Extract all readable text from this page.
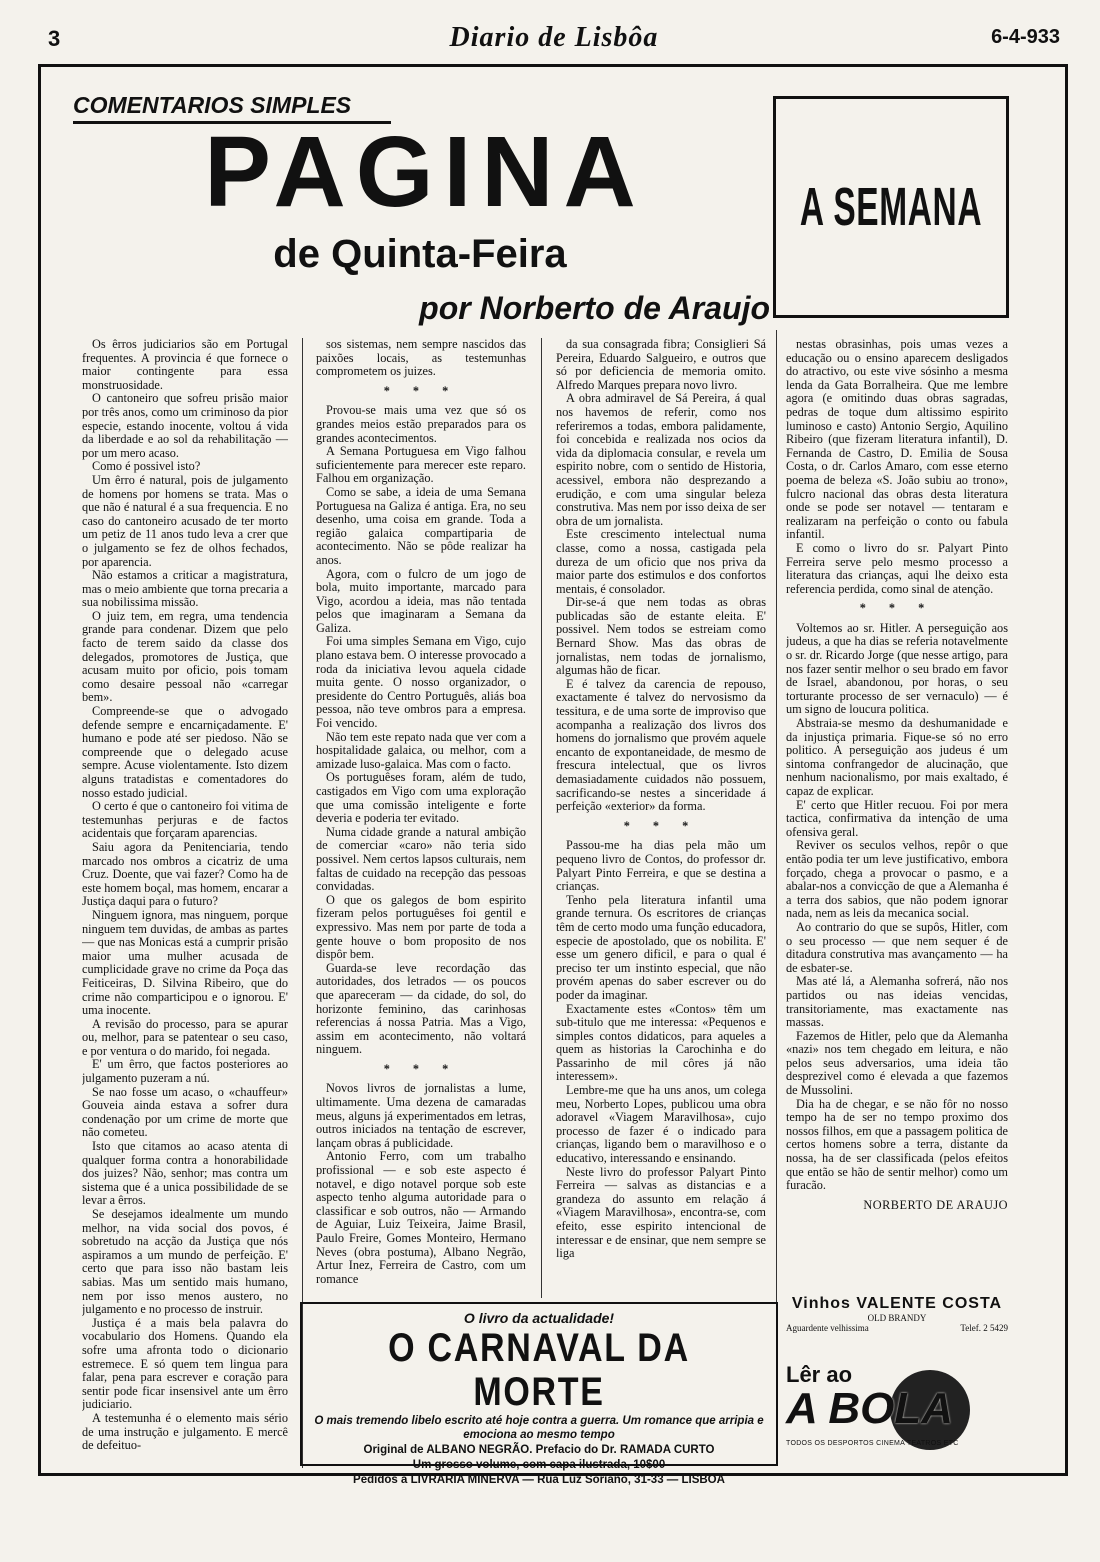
3	Diario de Lisbôa	6-4-933
COMENTARIOS SIMPLES
PAGINA
de Quinta-Feira
por Norberto de Araujo
A SEMANA

Os êrros judiciarios são em Portugal frequentes. A provincia é que fornece o maior contingente para essa monstruosidade.

O cantoneiro que sofreu prisão maior por três anos, como um criminoso da pior especie, estando inocente, voltou á vida da liberdade e ao sol da rehabilitação — por um mero acaso.

Como é possivel isto?

Um êrro é natural, pois de julgamento de homens por homens se trata. Mas o que não é natural é a sua frequencia. E no caso do cantoneiro acusado de ter morto um petiz de 11 anos tudo leva a crer que o julgamento se fez de olhos fechados, por aparencia.

Não estamos a criticar a magistratura, mas o meio ambiente que torna precaria a sua nobilissima missão.

O juiz tem, em regra, uma tendencia grande para condenar. Dizem que pelo facto de terem saido da classe dos delegados, promotores de Justiça, que acusam muito por oficio, pois tomam como desaire pessoal não «carregar bem».

Compreende-se que o advogado defende sempre e encarniçadamente. E' humano e pode até ser piedoso. Não se compreende que o delegado acuse sempre. Acuse violentamente. Isto dizem alguns tratadistas e comentadores do nosso estado judicial.

O certo é que o cantoneiro foi vitima de testemunhas perjuras e de factos acidentais que forçaram aparencias.

Saiu agora da Penitenciaria, tendo marcado nos ombros a cicatriz de uma Cruz. Doente, que vai fazer? Como ha de este homem boçal, mas homem, encarar a Justiça daqui para o futuro?

Ninguem ignora, mas ninguem, porque ninguem tem duvidas, de ambas as partes — que nas Monicas está a cumprir prisão maior uma mulher acusada de cumplicidade grave no crime da Poça das Feiticeiras, D. Silvina Ribeiro, que do crime não comparticipou e o ignorou. E' uma inocente.

A revisão do processo, para se apurar ou, melhor, para se patentear o seu caso, e por ventura o do marido, foi negada.

E' um êrro, que factos posteriores ao julgamento puzeram a nú.

Se nao fosse um acaso, o «chauffeur» Gouveia ainda estava a sofrer dura condenação por um crime de morte que não cometeu.

Isto que citamos ao acaso atenta di qualquer forma contra a honorabilidade dos juizes? Não, senhor; mas contra um sistema que é a unica possibilidade de se levar a êrros.

Se desejamos idealmente um mundo melhor, na vida social dos povos, é sobretudo na acção da Justiça que nós aspiramos a um mundo de perfeição. E' certo que para isso não bastam leis sabias. Mas um sentido mais humano, nem por isso menos austero, no julgamento e no processo de instruir.

Justiça é a mais bela palavra do vocabulario dos Homens. Quando ela sofre uma afronta todo o dicionario estremece. E só quem tem lingua para falar, pena para escrever e coração para sentir pode ficar insensivel ante um êrro judiciario.

A testemunha é o elemento mais sério de uma instrução e julgamento. E mercê de defeituo-

sos sistemas, nem sempre nascidos das paixões locais, as testemunhas comprometem os juizes.

* * *

Provou-se mais uma vez que só os grandes meios estão preparados para os grandes acontecimentos.

A Semana Portuguesa em Vigo falhou suficientemente para merecer este reparo. Falhou em organização.

Como se sabe, a ideia de uma Semana Portuguesa na Galiza é antiga. Era, no seu desenho, uma coisa em grande. Toda a região galaica compartiparia de acontecimento. Não se pôde realizar ha anos.

Agora, com o fulcro de um jogo de bola, muito importante, marcado para Vigo, acordou a ideia, mas não tentada pelos que imaginaram a Semana da Galiza.

Foi uma simples Semana em Vigo, cujo plano estava bem. O interesse provocado a roda da iniciativa levou aquela cidade muita gente. O nosso organizador, o presidente do Centro Português, aliás boa pessoa, não teve ombros para a empresa. Foi vencido.

Não tem este repato nada que ver com a hospitalidade galaica, ou melhor, com a amizade luso-galaica. Mas com o facto.

Os portuguêses foram, além de tudo, castigados em Vigo com uma exploração que uma comissão inteligente e forte deveria e poderia ter evitado.

Numa cidade grande a natural ambição de comerciar «caro» não teria sido possivel. Nem certos lapsos culturais, nem faltas de cuidado na recepção das pessoas convidadas.

O que os galegos de bom espirito fizeram pelos portuguêses foi gentil e expressivo. Mas nem por parte de toda a gente houve o bom proposito de nos dispôr bem.

Guarda-se leve recordação das autoridades, dos letrados — os poucos que apareceram — da cidade, do sol, do horizonte feminino, das carinhosas referencias á nossa Patria. Mas a Vigo, assim em acontecimento, não voltará ninguem.

* * *

Novos livros de jornalistas a lume, ultimamente. Uma dezena de camaradas meus, alguns já experimentados em letras, outros iniciados na tentação de escrever, lançam obras á publicidade.

Antonio Ferro, com um trabalho profissional — e sob este aspecto é notavel, e digo notavel porque sob este aspecto tenho alguma autoridade para o classificar e sob outros, não — Armando de Aguiar, Luiz Teixeira, Jaime Brasil, Paulo Freire, Gomes Monteiro, Hermano Neves (obra postuma), Albano Negrão, Artur Inez, Ferreira de Castro, com um romance

da sua consagrada fibra; Consiglieri Sá Pereira, Eduardo Salgueiro, e outros que só por deficiencia de memoria omito. Alfredo Marques prepara novo livro.

A obra admiravel de Sá Pereira, á qual nos havemos de referir, como nos referiremos a todas, embora palidamente, foi concebida e realizada nos ocios da vida da diplomacia consular, e revela um espirito nobre, com o sentido de Historia, acessivel, embora não desprezando a erudição, e com uma singular beleza construtiva. Mas nem por isso deixa de ser obra de um jornalista.

Este crescimento intelectual numa classe, como a nossa, castigada pela dureza de um oficio que nos priva da maior parte dos estimulos e dos confortos mentais, é consolador.

Dir-se-á que nem todas as obras publicadas são de estante eleita. E' possivel. Nem todos se estreiam como Bernard Show. Mas das obras de jornalistas, nem todas de jornalismo, algumas hão de ficar.

E é talvez da carencia de repouso, exactamente é talvez do nervosismo da tessitura, e de uma sorte de improviso que acompanha a realização dos livros dos homens do jornalismo que provém aquele encanto de expontaneidade, de mesmo de frescura intelectual, que os livros demasiadamente cuidados não possuem, sacrificando-se nestes a sinceridade á perfeição «exterior» da forma.

* * *

Passou-me ha dias pela mão um pequeno livro de Contos, do professor dr. Palyart Pinto Ferreira, e que se destina a crianças.

Tenho pela literatura infantil uma grande ternura. Os escritores de crianças têm de certo modo uma função educadora, especie de apostolado, que os nobilita. E' esse um genero dificil, e para o qual é preciso ter um instinto especial, que não provém apenas do saber escrever ou do poder da imaginar.

Exactamente estes «Contos» têm um sub-titulo que me interessa: «Pequenos e simples contos didaticos, para aqueles a quem as historias la Carochinha e do Passarinho de mil côres já não interessem».

Lembre-me que ha uns anos, um colega meu, Norberto Lopes, publicou uma obra adoravel «Viagem Maravilhosa», cujo processo de fazer é o indicado para crianças, ligando bem o maravilhoso e o educativo, interessando e ensinando.

Neste livro do professor Palyart Pinto Ferreira — salvas as distancias e a grandeza do assunto em relação á «Viagem Maravilhosa», encontra-se, com efeito, esse espirito intencional de interessar e de ensinar, que nem sempre se liga

nestas obrasinhas, pois umas vezes a educação ou o ensino aparecem desligados do atractivo, ou este vive sósinho a mesma lenda da Gata Borralheira. Que me lembre agora (e omitindo duas obras sagradas, pedras de toque dum altissimo espirito luminoso e casto) Antonio Sergio, Aquilino Ribeiro (que fizeram literatura infantil), D. Fernanda de Castro, D. Emilia de Sousa Costa, o dr. Carlos Amaro, com esse eterno poema de beleza «S. João subiu ao trono», fulcro nacional das obras desta literatura onde se pode ser notavel — tentaram e realizaram na perfeição o conto ou fabula infantil.

E como o livro do sr. Palyart Pinto Ferreira serve pelo mesmo processo a literatura das crianças, aqui lhe deixo esta referencia perdida, como sinal de atenção.

* * *

Voltemos ao sr. Hitler. A perseguição aos judeus, a que ha dias se referia notavelmente o sr. dr. Ricardo Jorge (que nesse artigo, para nos fazer sentir melhor o seu brado em favor de Israel, abandonou, por horas, o seu torturante processo de ser vernaculo) — é um signo de loucura politica.

Abstraia-se mesmo da deshumanidade e da injustiça primaria. Fique-se só no erro politico. A perseguição aos judeus é um sintoma confrangedor de alucinação, que nenhum nacionalismo, por mais exaltado, é capaz de explicar.

E' certo que Hitler recuou. Foi por mera tactica, confirmativa da intenção de uma ofensiva geral.

Reviver os seculos velhos, repôr o que então podia ter um leve justificativo, embora forçado, chega a provocar o pasmo, e a abalar-nos a convicção de que a Alemanha é a terra dos sabios, que não podem ignorar nada, nem as leis da mecanica social.

Ao contrario do que se supôs, Hitler, com o seu processo — que nem sequer é de ditadura construtiva mas avançamento — ha de esbater-se.

Mas até lá, a Alemanha sofrerá, não nos partidos ou nas ideias vencidas, transitoriamente, mas exactamente nas massas.

Fazemos de Hitler, pelo que da Alemanha «nazi» nos tem chegado em leitura, e não pelos seus adversarios, uma ideia tão desprezivel como é elevada a que fazemos de Mussolini.

Dia ha de chegar, e se não fôr no nosso tempo ha de ser no tempo proximo dos nossos filhos, em que a passagem politica de certos homens sobre a terra, distante da nossa, ha de ser classificada (pelos efeitos que então se hão de sentir melhor) como um furacão.

NORBERTO DE ARAUJO

O livro da actualidade!
O CARNAVAL DA MORTE
O mais tremendo libelo escrito até hoje contra a guerra. Um romance que arripia e emociona ao mesmo tempo
Original de ALBANO NEGRÃO. Prefacio do Dr. RAMADA CURTO
Um grosso volume, com capa ilustrada, 10$00
Pedidos á LIVRARIA MINERVA — Rua Luz Soriano, 31-33 — LISBOA
Vinhos VALENTE COSTA
OLD BRANDY
Aguardente velhissima	Telef. 2 5429
Lêr ao
A BOLA
TODOS OS DESPORTOS CINEMA TEATROS ETC
